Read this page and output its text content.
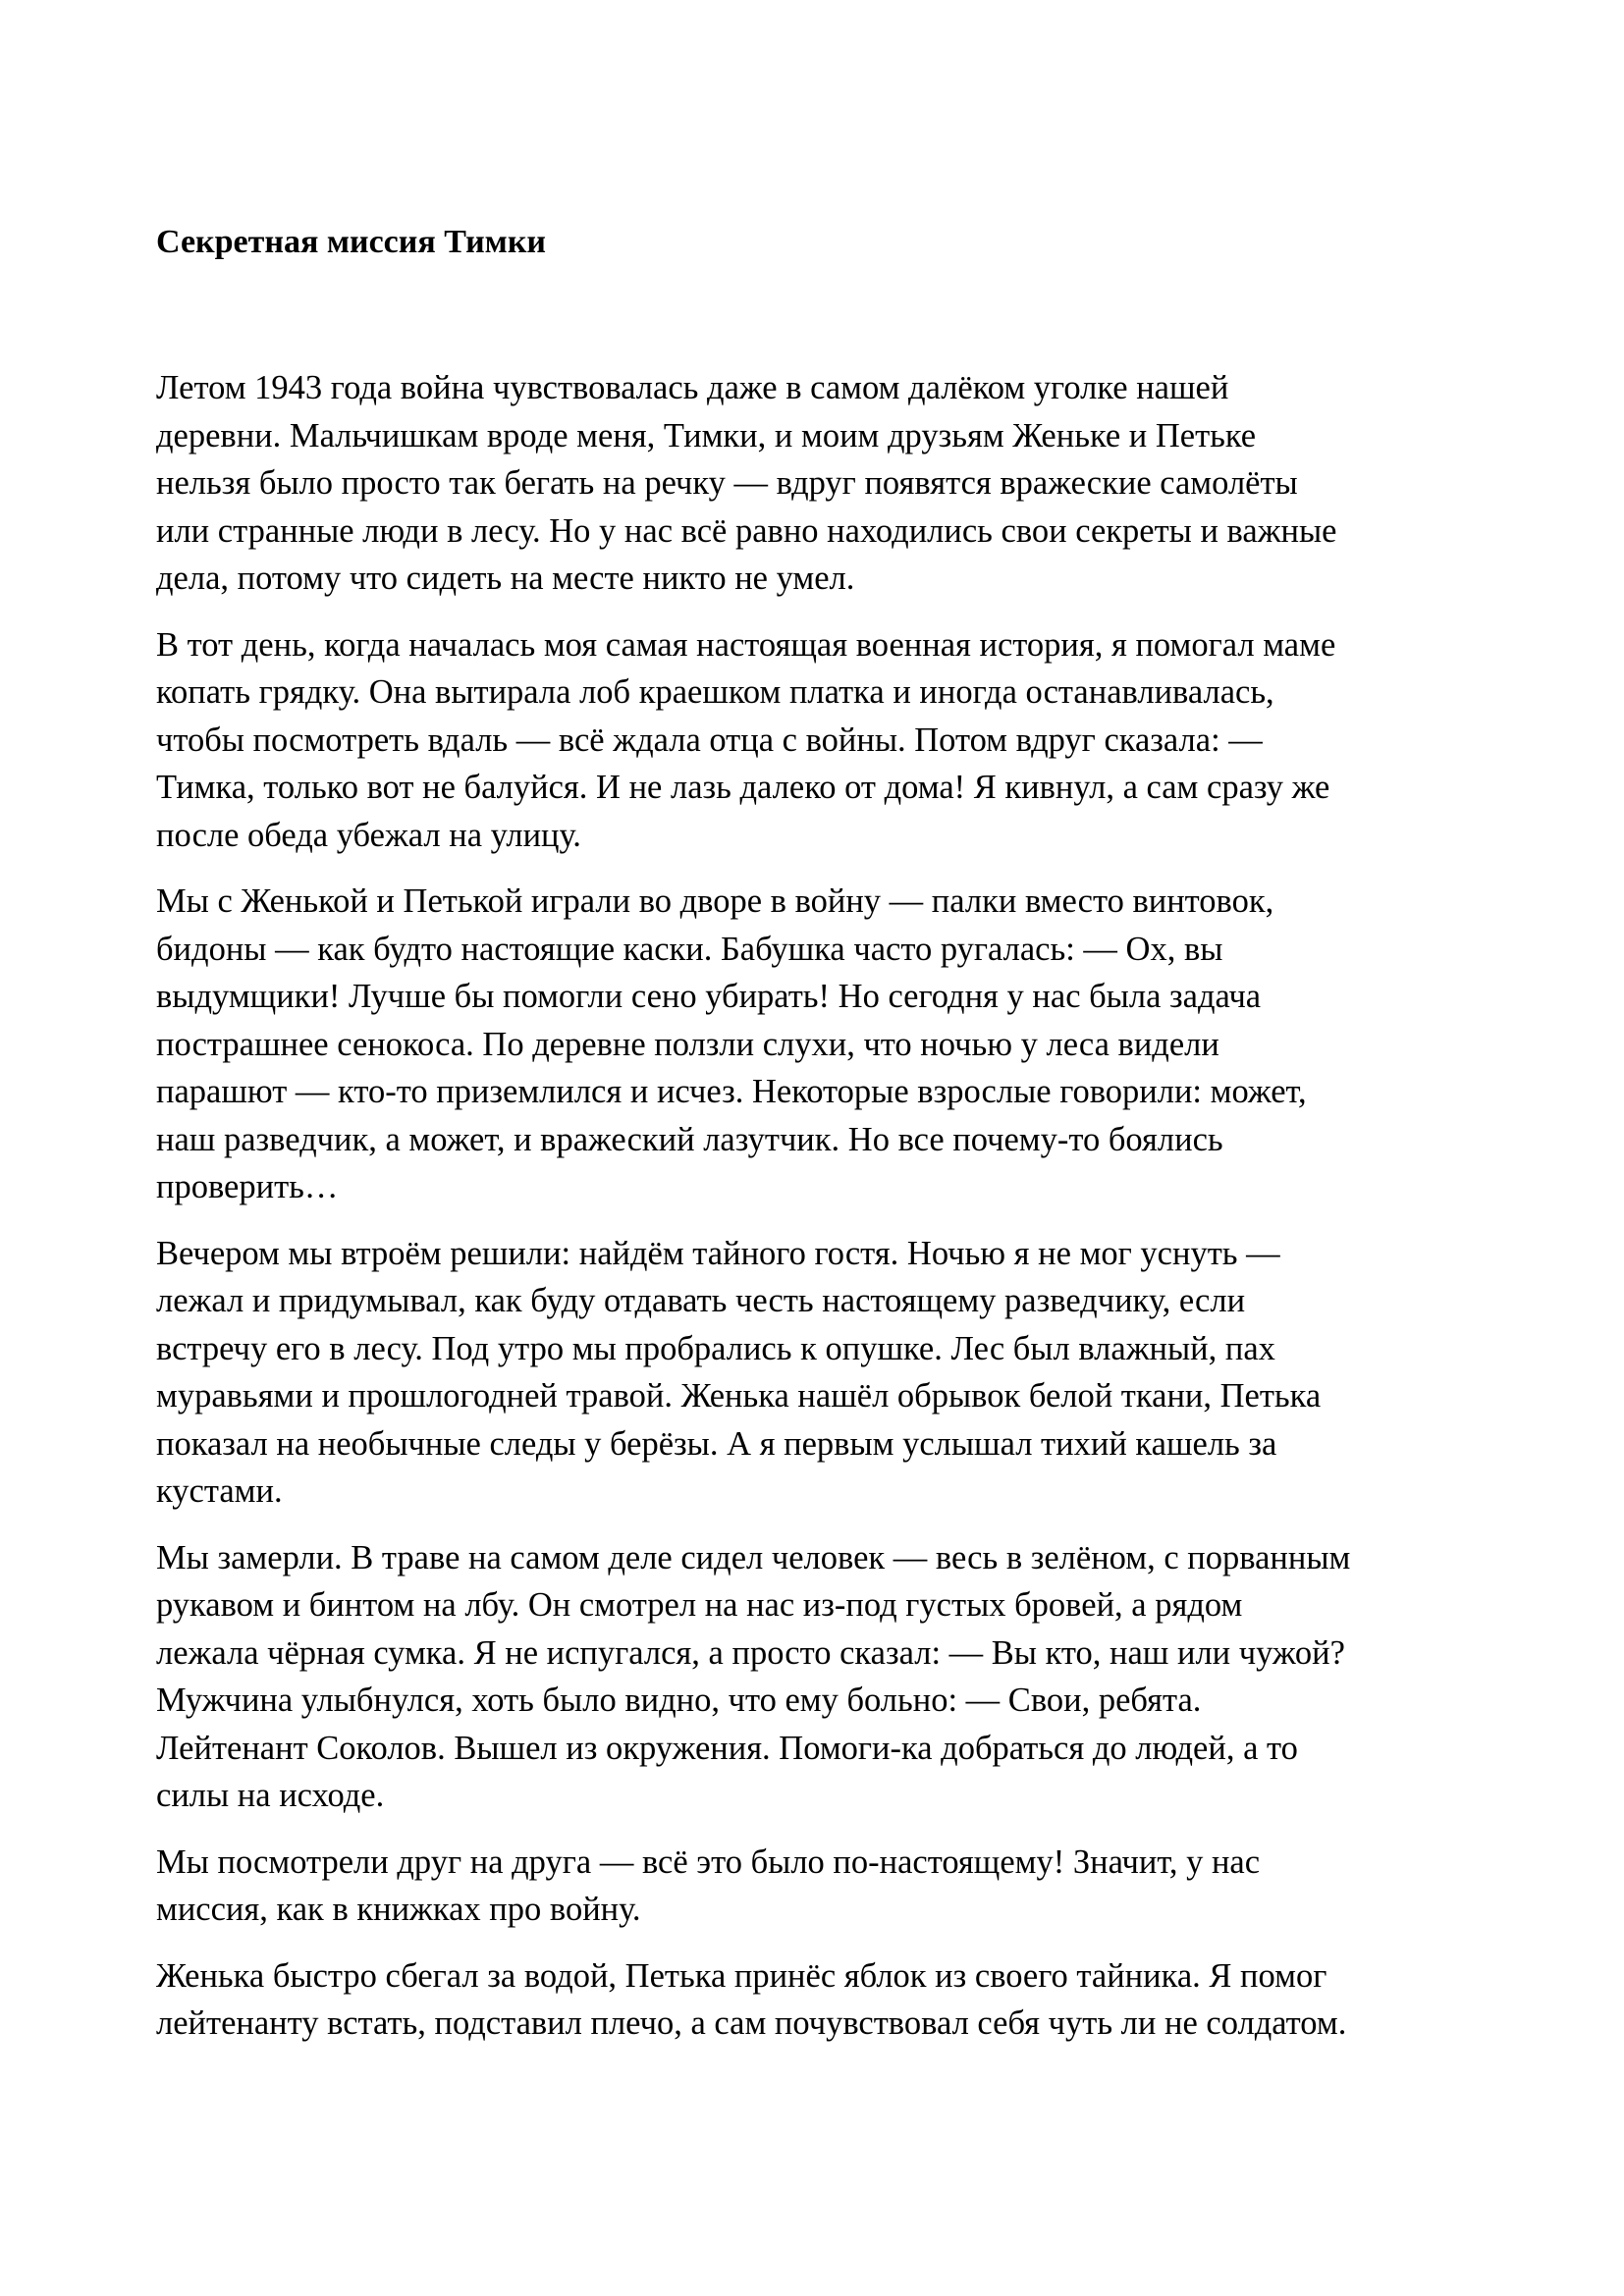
Секретная миссия Тимки

Летом 1943 года война чувствовалась даже в самом далёком уголке нашей
деревни. Мальчишкам вроде меня, Тимки, и моим друзьям Женьке и Петьке
нельзя было просто так бегать на речку — вдруг появятся вражеские самолёты
или странные люди в лесу. Но у нас всё равно находились свои секреты и важные
дела, потому что сидеть на месте никто не умел.

В тот день, когда началась моя самая настоящая военная история, я помогал маме
копать грядку. Она вытирала лоб краешком платка и иногда останавливалась,
чтобы посмотреть вдаль — всё ждала отца с войны. Потом вдруг сказала: —
Тимка, только вот не балуйся. И не лазь далеко от дома! Я кивнул, а сам сразу же
после обеда убежал на улицу.

Мы с Женькой и Петькой играли во дворе в войну — палки вместо винтовок,
бидоны — как будто настоящие каски. Бабушка часто ругалась: — Ох, вы
выдумщики! Лучше бы помогли сено убирать! Но сегодня у нас была задача
пострашнее сенокоса. По деревне ползли слухи, что ночью у леса видели
парашют — кто-то приземлился и исчез. Некоторые взрослые говорили: может,
наш разведчик, а может, и вражеский лазутчик. Но все почему-то боялись
проверить…

Вечером мы втроём решили: найдём тайного гостя. Ночью я не мог уснуть —
лежал и придумывал, как буду отдавать честь настоящему разведчику, если
встречу его в лесу. Под утро мы пробрались к опушке. Лес был влажный, пах
муравьями и прошлогодней травой. Женька нашёл обрывок белой ткани, Петька
показал на необычные следы у берёзы. А я первым услышал тихий кашель за
кустами.

Мы замерли. В траве на самом деле сидел человек — весь в зелёном, с порванным
рукавом и бинтом на лбу. Он смотрел на нас из-под густых бровей, а рядом
лежала чёрная сумка. Я не испугался, а просто сказал: — Вы кто, наш или чужой?
Мужчина улыбнулся, хоть было видно, что ему больно: — Свои, ребята.
Лейтенант Соколов. Вышел из окружения. Помоги-ка добраться до людей, а то
силы на исходе.

Мы посмотрели друг на друга — всё это было по-настоящему! Значит, у нас
миссия, как в книжках про войну.

Женька быстро сбегал за водой, Петька принёс яблок из своего тайника. Я помог
лейтенанту встать, подставил плечо, а сам почувствовал себя чуть ли не солдатом.
